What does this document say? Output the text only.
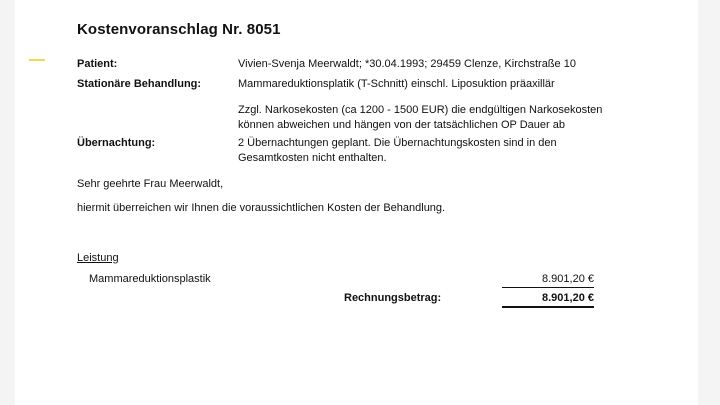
Kostenvoranschlag Nr. 8051
Patient:	Vivien-Svenja Meerwaldt; *30.04.1993; 29459 Clenze, Kirchstraße 10
Stationäre Behandlung:	Mammareduktionsplatik (T-Schnitt) einschl. Liposuktion präaxillär
Zzgl. Narkosekosten (ca 1200 - 1500 EUR) die endgültigen Narkosekosten
können abweichen und hängen von der tatsächlichen OP Dauer ab
Übernachtung:	2 Übernachtungen geplant. Die Übernachtungskosten sind in den
Gesamtkosten nicht enthalten.
Sehr geehrte Frau Meerwaldt,
hiermit überreichen wir Ihnen die voraussichtlichen Kosten der Behandlung.
Leistung
Mammareduktionsplastik	8.901,20 €
Rechnungsbetrag:	8.901,20 €
